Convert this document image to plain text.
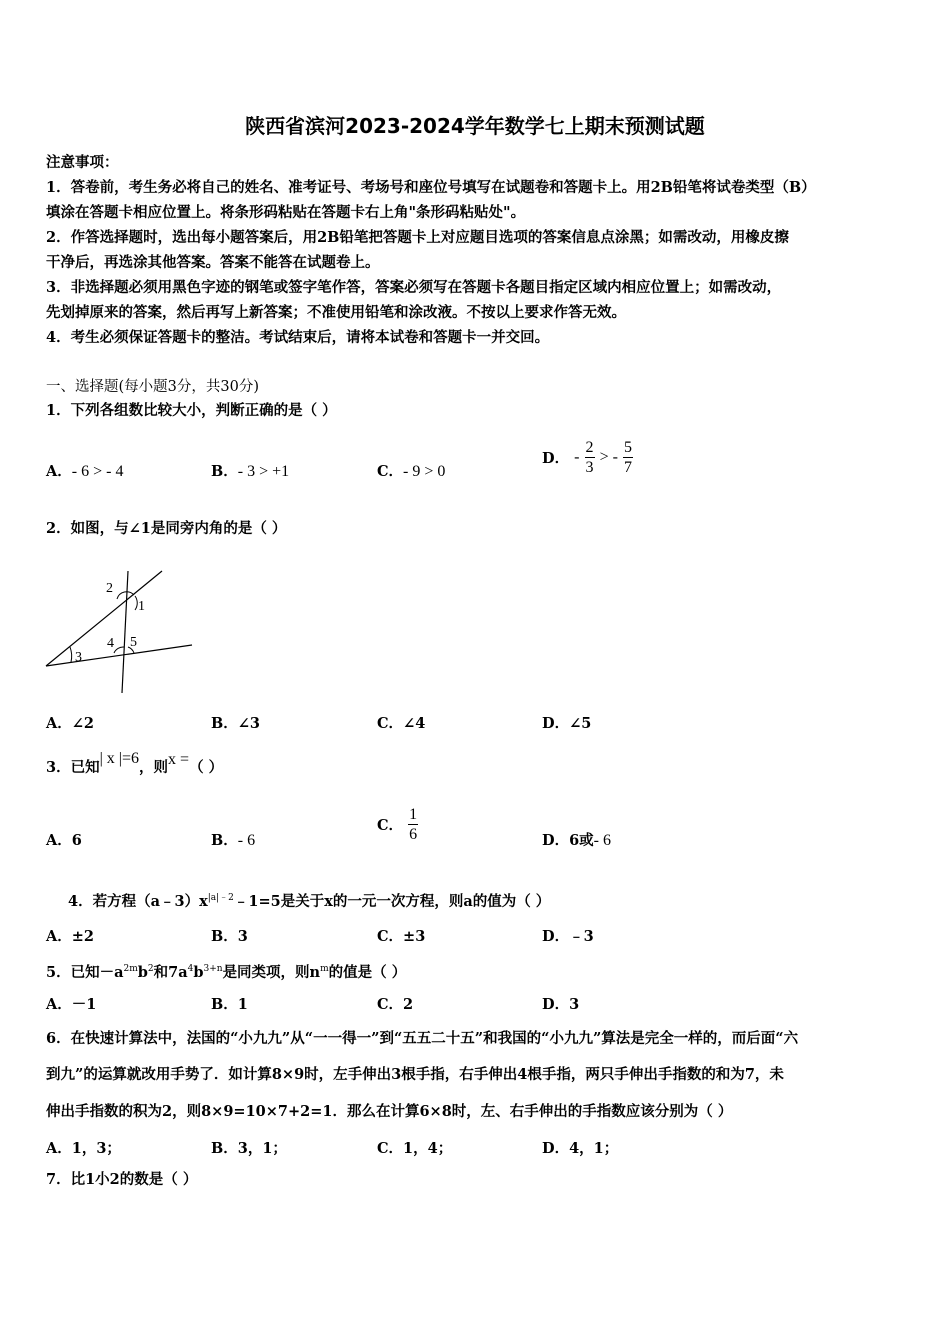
陕西省滨河2023-2024学年数学七上期末预测试题
注意事项：
1．答卷前，考生务必将自己的姓名、准考证号、考场号和座位号填写在试题卷和答题卡上。用2B铅笔将试卷类型（B）
填涂在答题卡相应位置上。将条形码粘贴在答题卡右上角"条形码粘贴处"。
2．作答选择题时，选出每小题答案后，用2B铅笔把答题卡上对应题目选项的答案信息点涂黑；如需改动，用橡皮擦
干净后，再选涂其他答案。答案不能答在试题卷上。
3．非选择题必须用黑色字迹的钢笔或签字笔作答，答案必须写在答题卡各题目指定区域内相应位置上；如需改动，
先划掉原来的答案，然后再写上新答案；不准使用铅笔和涂改液。不按以上要求作答无效。
4．考生必须保证答题卡的整洁。考试结束后，请将本试卷和答题卡一并交回。
一、选择题(每小题3分，共30分)
1．下列各组数比较大小，判断正确的是（ ）
A．- 6 > - 4	B．- 3 > +1	C．- 9 > 0
D． - $\frac{2}{3}$ > - $\frac{5}{7}$
2．如图，与∠1是同旁内角的是（ ）
2
1
3
4 5
A．∠2	B．∠3	C．∠4	D．∠5
3．已知| x |=6，则x =（ ）
A．6	B．- 6
C． $\frac{1}{6}$	D．6或- 6
4．若方程$(a﹣3)x^{|a|﹣2}﹣1=5$是关于x的一元一次方程，则a的值为（ ）
A．±2	B．3	C．±3	D．﹣3
5．已知$-a^{2m}b^2$和$7a^4b^{3+n}$是同类项，则$n^m$的值是（ ）
A．－1	B．1	C．2	D．3
6．在快速计算法中，法国的“小九九”从“一一得一”到“五五二十五”和我国的“小九九”算法是完全一样的，而后面“六
到九”的运算就改用手势了．如计算8×9时，左手伸出3根手指，右手伸出4根手指，两只手伸出手指数的和为7，未
伸出手指数的积为2，则8×9=10×7+2=1．那么在计算6×8时，左、右手伸出的手指数应该分别为（ ）
A．1，3；	B．3，1；	C．1，4；	D．4，1；
7．比1小2的数是（ ）
